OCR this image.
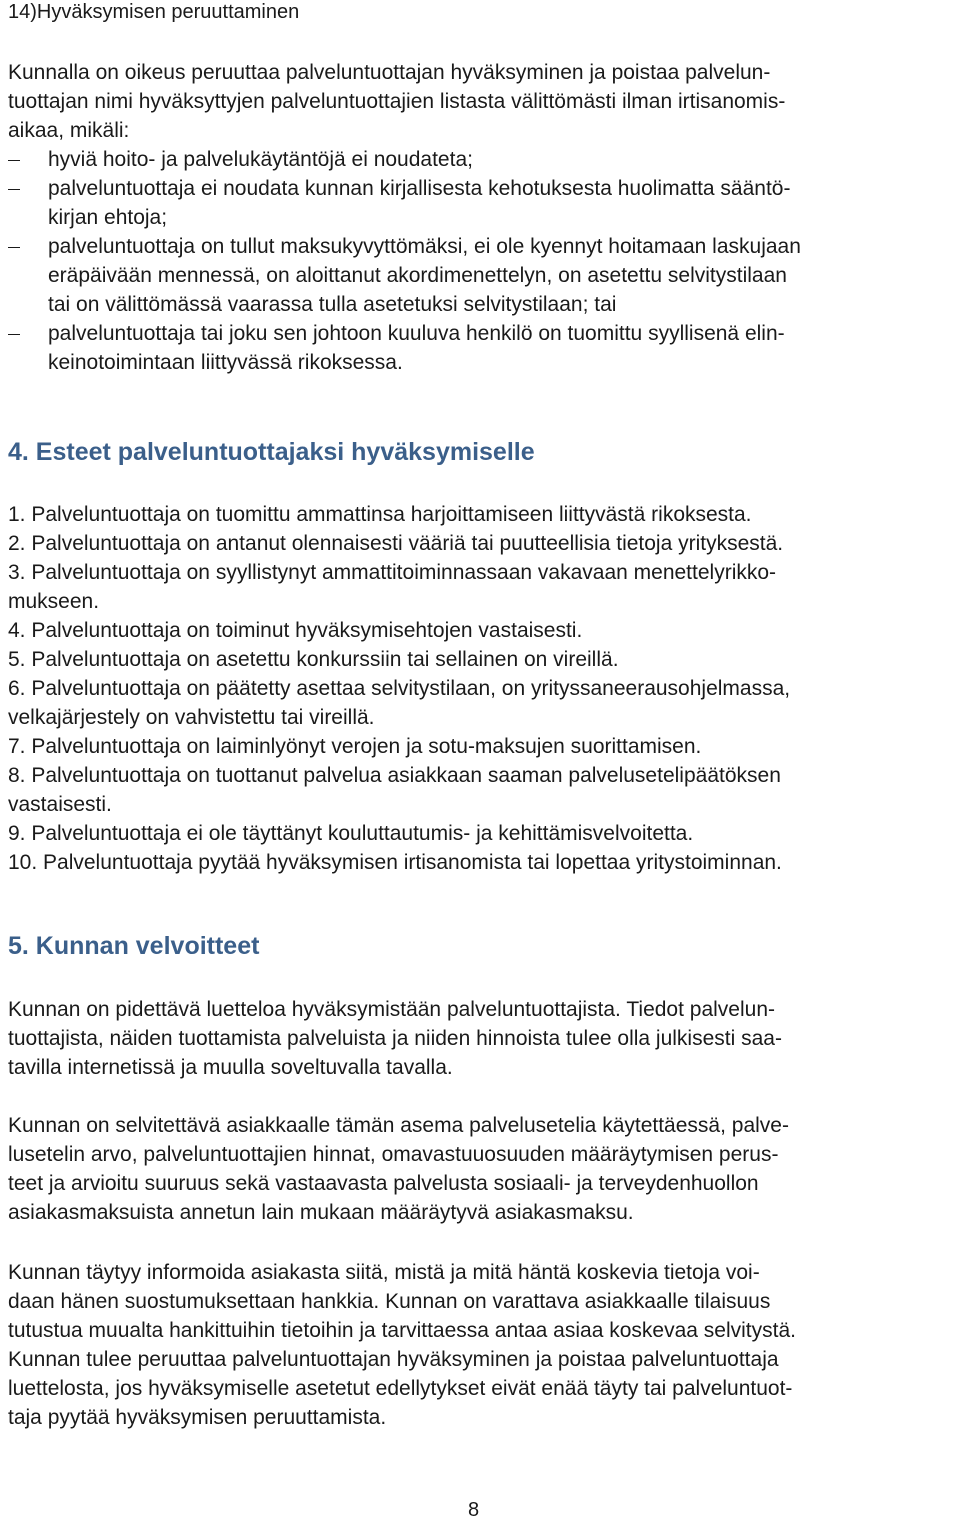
14)Hyväksymisen peruuttaminen
Kunnalla on oikeus peruuttaa palveluntuottajan hyväksyminen ja poistaa palvelun-
tuottajan nimi hyväksyttyjen palveluntuottajien listasta välittömästi ilman irtisanomis-
aikaa, mikäli:
hyviä hoito- ja palvelukäytäntöjä ei noudateta;
palveluntuottaja ei noudata kunnan kirjallisesta kehotuksesta huolimatta sääntö-
kirjan ehtoja;
palveluntuottaja on tullut maksukyvyttömäksi, ei ole kyennyt hoitamaan laskujaan
eräpäivään mennessä, on aloittanut akordimenettelyn, on asetettu selvitystilaan
tai on välittömässä vaarassa tulla asetetuksi selvitystilaan; tai
palveluntuottaja tai joku sen johtoon kuuluva henkilö on tuomittu syyllisenä elin-
keinotoimintaan liittyvässä rikoksessa.
4. Esteet palveluntuottajaksi hyväksymiselle
1. Palveluntuottaja on tuomittu ammattinsa harjoittamiseen liittyvästä rikoksesta.
2. Palveluntuottaja on antanut olennaisesti vääriä tai puutteellisia tietoja yrityksestä.
3. Palveluntuottaja on syyllistynyt ammattitoiminnassaan vakavaan menettelyrikko-
mukseen.
4. Palveluntuottaja on toiminut hyväksymisehtojen vastaisesti.
5. Palveluntuottaja on asetettu konkurssiin tai sellainen on vireillä.
6. Palveluntuottaja on päätetty asettaa selvitystilaan, on yrityssaneerausohjelmassa,
velkajärjestely on vahvistettu tai vireillä.
7. Palveluntuottaja on laiminlyönyt verojen ja sotu-maksujen suorittamisen.
8. Palveluntuottaja on tuottanut palvelua asiakkaan saaman palvelusetelipäätöksen
vastaisesti.
9. Palveluntuottaja ei ole täyttänyt kouluttautumis- ja kehittämisvelvoitetta.
10. Palveluntuottaja pyytää hyväksymisen irtisanomista tai lopettaa yritystoiminnan.
5. Kunnan velvoitteet
Kunnan on pidettävä luetteloa hyväksymistään palveluntuottajista. Tiedot palvelun-
tuottajista, näiden tuottamista palveluista ja niiden hinnoista tulee olla julkisesti saa-
tavilla internetissä ja muulla soveltuvalla tavalla.
Kunnan on selvitettävä asiakkaalle tämän asema palvelusetelia käytettäessä, palve-
lusetelin arvo, palveluntuottajien hinnat, omavastuuosuuden määräytymisen perus-
teet ja arvioitu suuruus sekä vastaavasta palvelusta sosiaali- ja terveydenhuollon
asiakasmaksuista annetun lain mukaan määräytyvä asiakasmaksu.
Kunnan täytyy informoida asiakasta siitä, mistä ja mitä häntä koskevia tietoja voi-
daan hänen suostumuksettaan hankkia. Kunnan on varattava asiakkaalle tilaisuus
tutustua muualta hankittuihin tietoihin ja tarvittaessa antaa asiaa koskevaa selvitystä.
Kunnan tulee peruuttaa palveluntuottajan hyväksyminen ja poistaa palveluntuottaja
luettelosta, jos hyväksymiselle asetetut edellytykset eivät enää täyty tai palveluntuot-
taja pyytää hyväksymisen peruuttamista.
8
